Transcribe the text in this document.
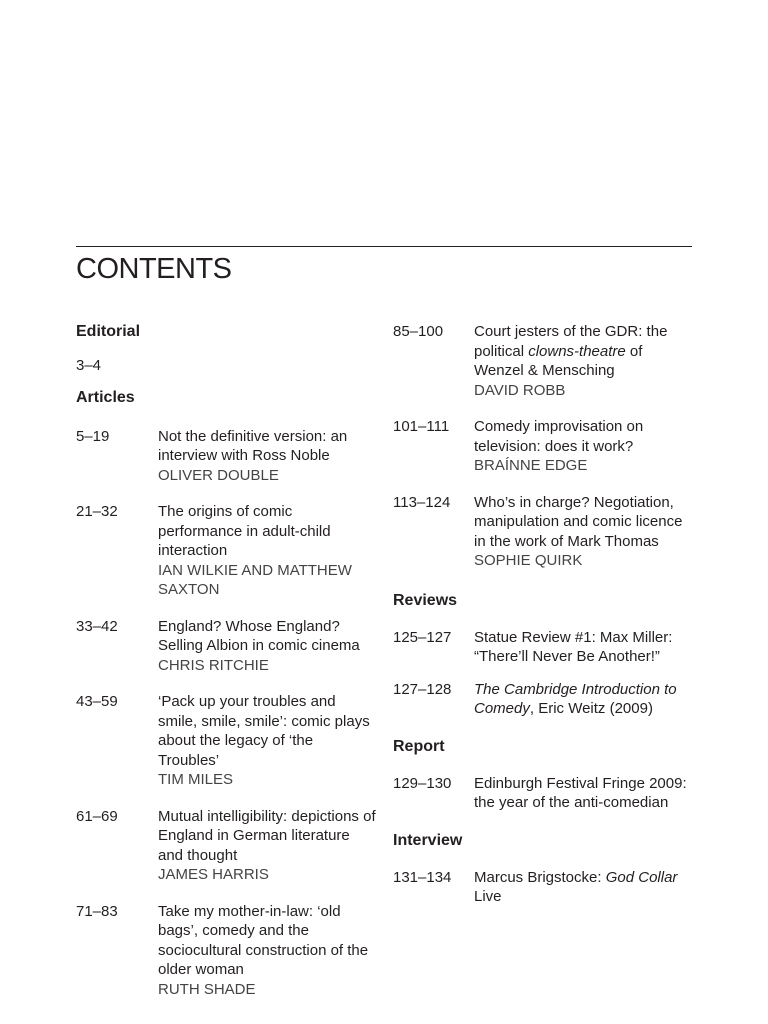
CONTENTS
Editorial
3–4
Articles
5–19	Not the definitive version: an interview with Ross Noble
OLIVER DOUBLE
21–32	The origins of comic performance in adult-child interaction
IAN WILKIE AND MATTHEW SAXTON
33–42	England? Whose England? Selling Albion in comic cinema
CHRIS RITCHIE
43–59	‘Pack up your troubles and smile, smile, smile’: comic plays about the legacy of ‘the Troubles’
TIM MILES
61–69	Mutual intelligibility: depictions of England in German literature and thought
JAMES HARRIS
71–83	Take my mother-in-law: ‘old bags’, comedy and the sociocultural construction of the older woman
RUTH SHADE
85–100	Court jesters of the GDR: the political clowns-theatre of Wenzel & Mensching
DAVID ROBB
101–111	Comedy improvisation on television: does it work?
BRAÍNNE EDGE
113–124	Who’s in charge? Negotiation, manipulation and comic licence in the work of Mark Thomas
SOPHIE QUIRK
Reviews
125–127	Statue Review #1: Max Miller: “There’ll Never Be Another!”
127–128	The Cambridge Introduction to Comedy, Eric Weitz (2009)
Report
129–130	Edinburgh Festival Fringe 2009: the year of the anti-comedian
Interview
131–134	Marcus Brigstocke: God Collar Live
